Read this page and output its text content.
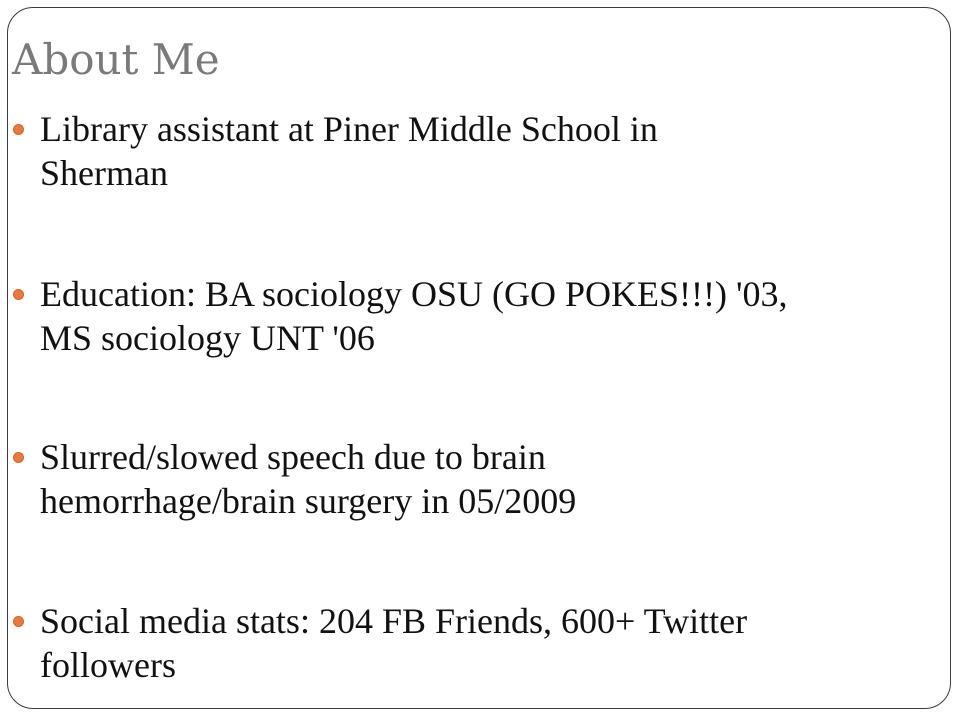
About Me
Library assistant at Piner Middle School in
Sherman
Education: BA sociology OSU (GO POKES!!!) '03,
MS sociology UNT '06
Slurred/slowed speech due to brain
hemorrhage/brain surgery in 05/2009
Social media stats: 204 FB Friends, 600+ Twitter
followers
